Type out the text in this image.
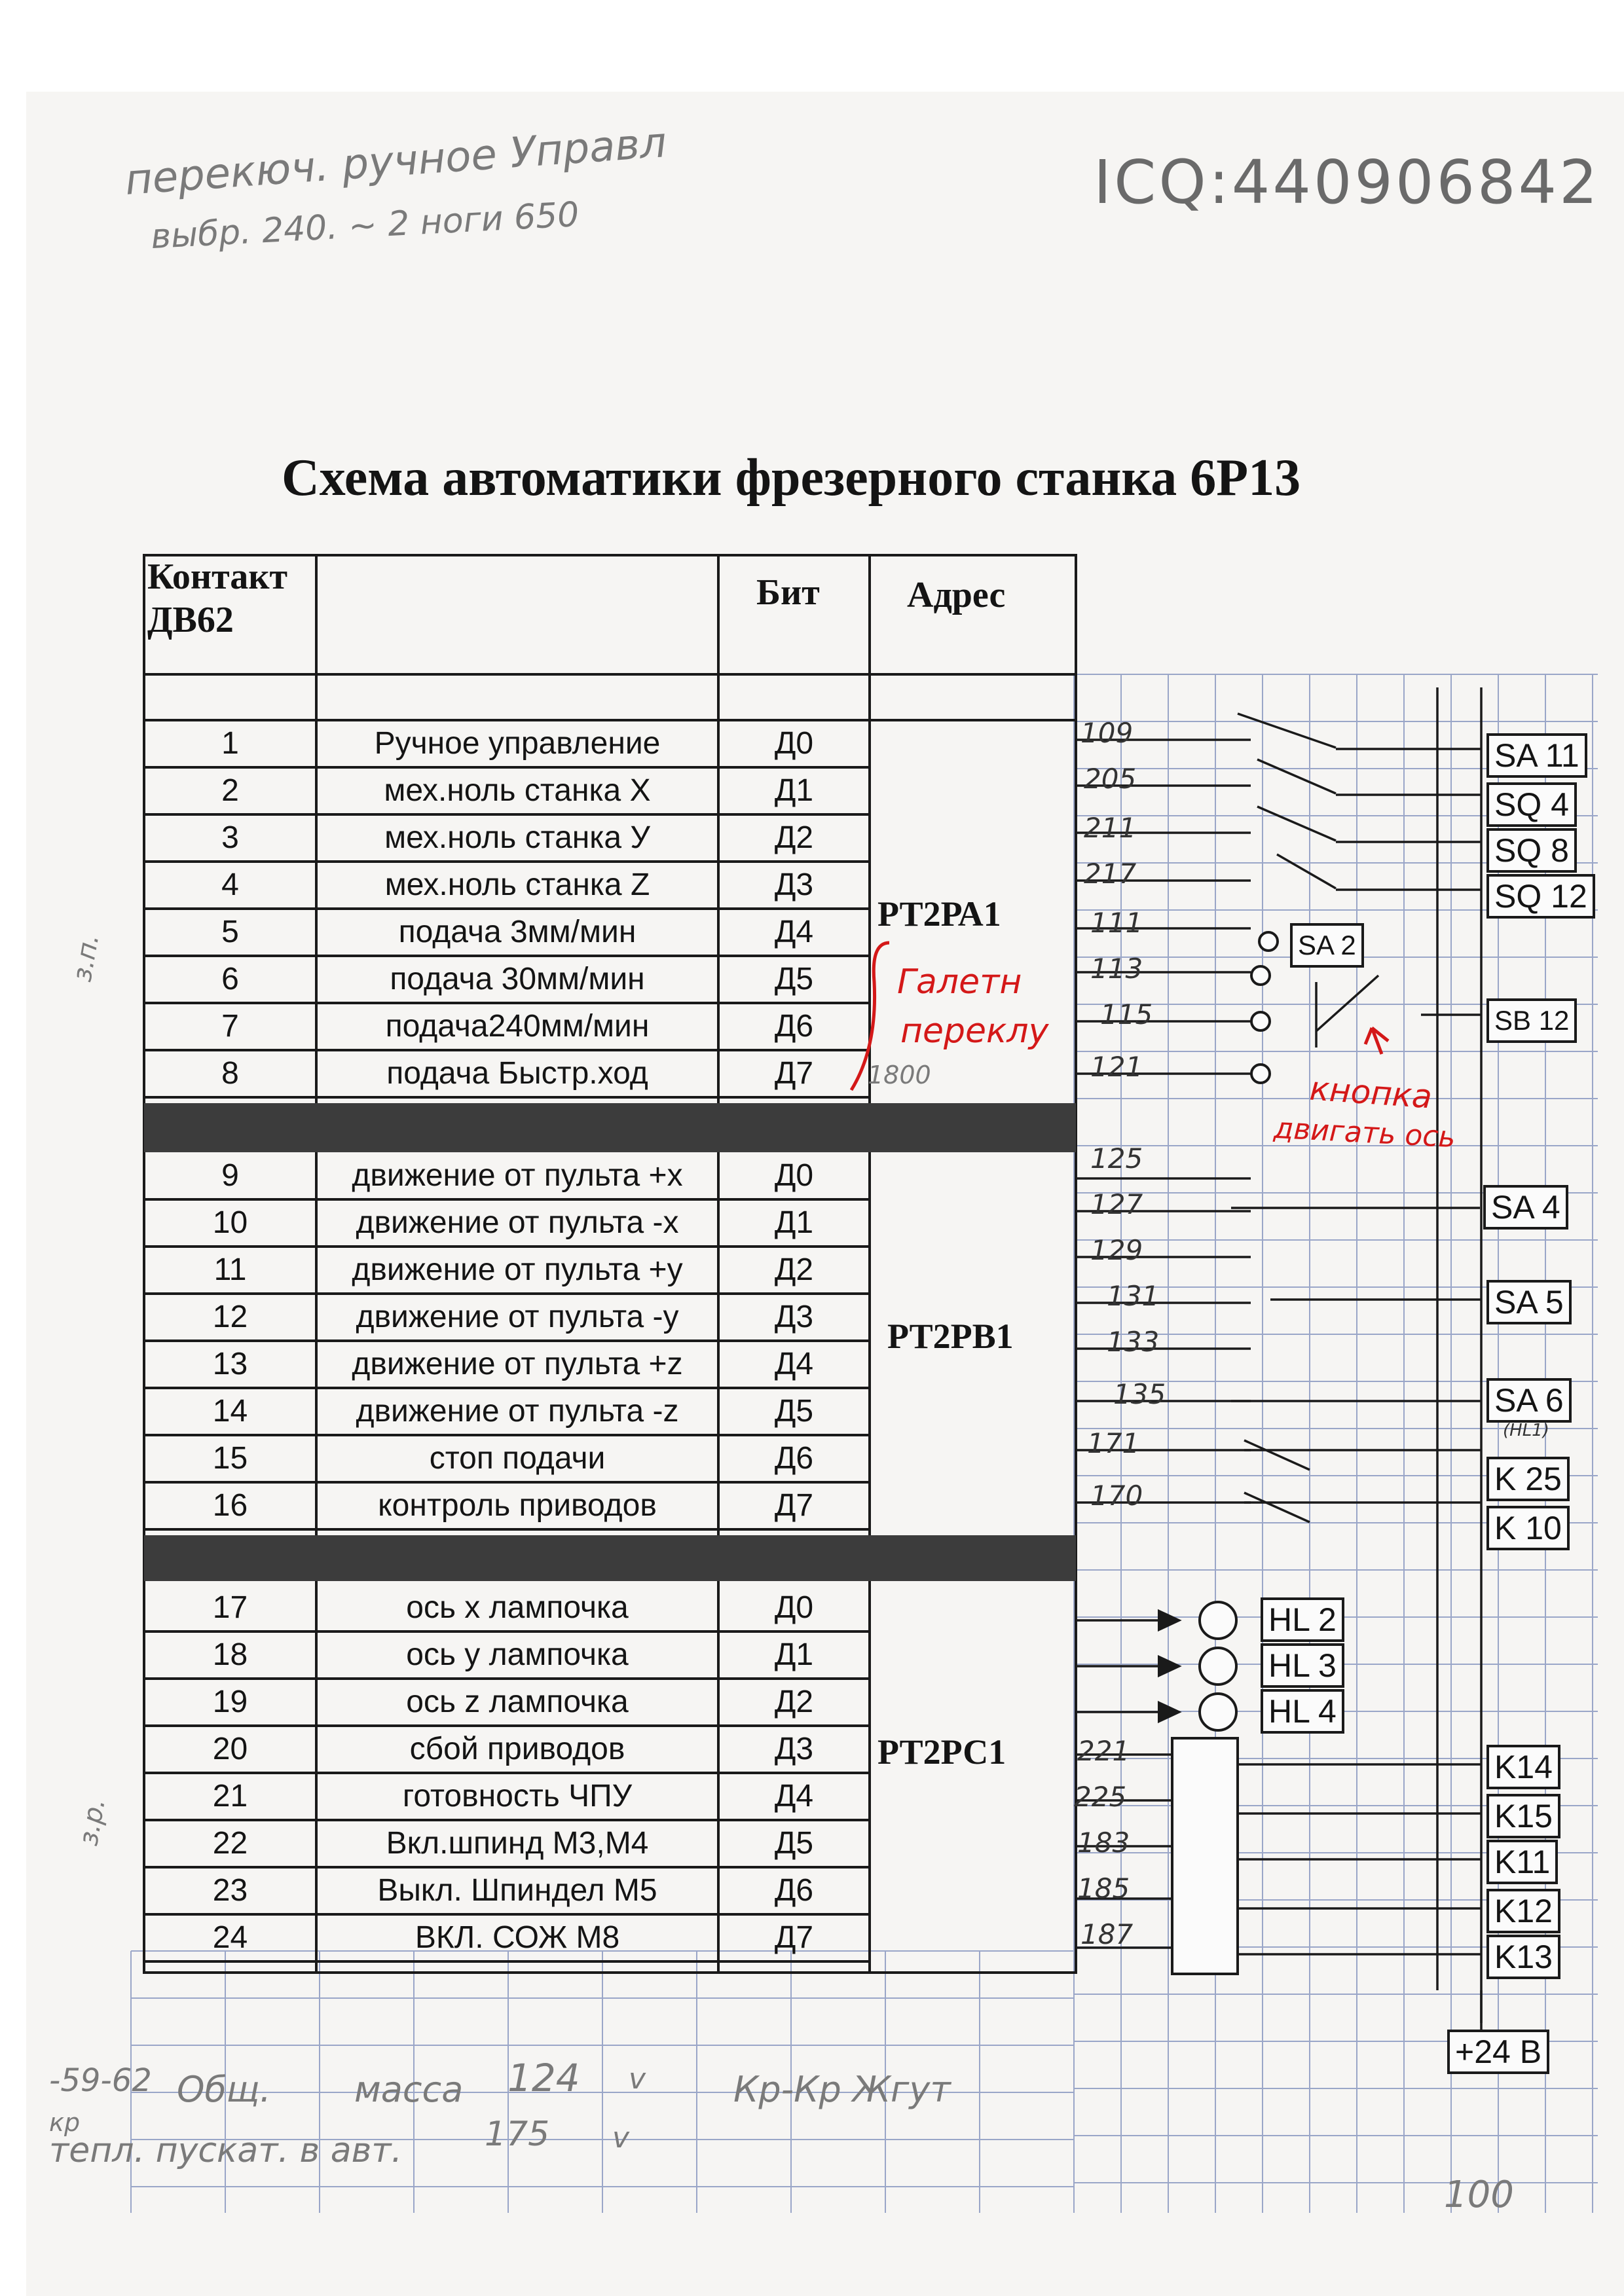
перекюч. ручное Управл
выбр. 240. ~ 2 ноги 650
ICQ:440906842
з.п.
з.р.
Схема автоматики фрезерного станка 6Р13
Контакт ДВ62
Бит Адрес
1	Ручное управление	Д0
2	мех.ноль станка Х	Д1
3	мех.ноль станка У	Д2
4	мех.ноль станка Z	Д3
5	подача 3мм/мин	Д4
6	подача 30мм/мин	Д5
7	подача240мм/мин	Д6
8	подача Быстр.ход	Д7
9	движение от пульта +х	Д0
10	движение от пульта -х	Д1
11	движение от пульта +у	Д2
12	движение от пульта -у	Д3
13	движение от пульта +z	Д4
14	движение от пульта -z	Д5
15	стоп подачи	Д6
16	контроль приводов	Д7
17	ось х лампочка	Д0
18	ось у лампочка	Д1
19	ось z лампочка	Д2
20	сбой приводов	Д3
21	готовность ЧПУ	Д4
22	Вкл.шпинд М3,М4	Д5
23	Выкл. Шпиндел М5	Д6
24	ВКЛ. СОЖ М8	Д7
РТ2РА1
РТ2РВ1
РТ2РС1
Галетн
переклу
1800	кнопка
двигать ось
109
205
211
217
111
113
115
121
125
127
129
131
133
135
171
170
221
225
183
185
187
SA 11
SQ 4
SQ 8
SQ 12
SA 2
SB 12
SA 4
SA 5
SA 6
K 25
K 10
HL 2
HL 3
HL 4
K14
K15
K11
K12
K13
+24 B
(HL1)
-59-62 Общ. масса 124 v Кр-Кр Жгут
кр
тепл. пускат. в авт. 175 v
100
